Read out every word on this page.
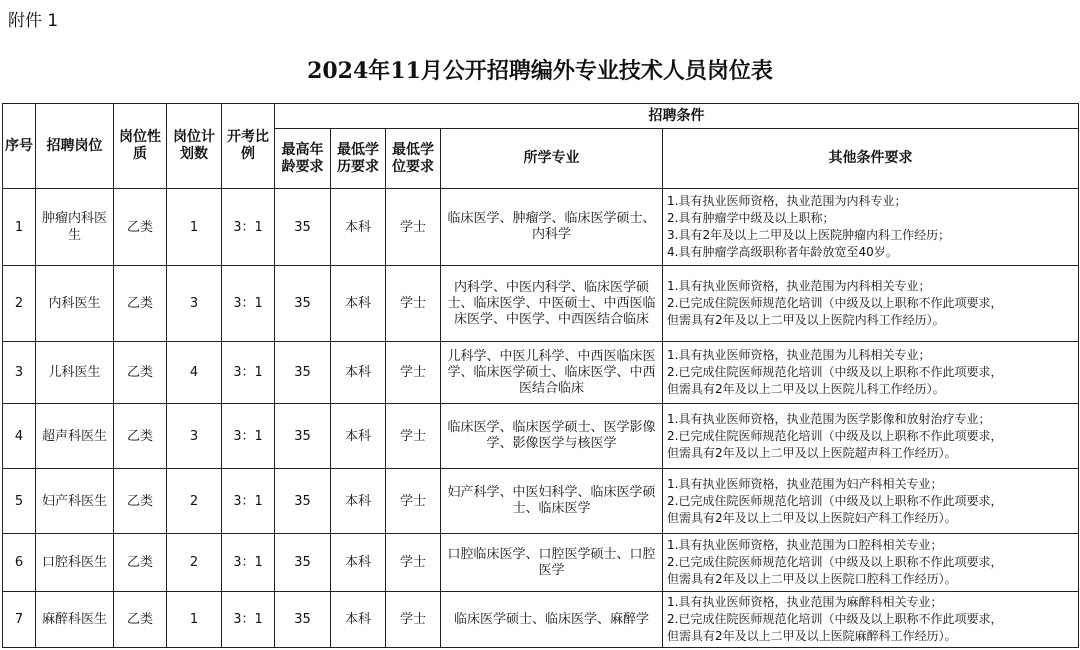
附件 1
2024年11月公开招聘编外专业技术人员岗位表
序号	招聘岗位	岗位性质	岗位计划数	开考比例	招聘条件				
					最高年龄要求	最低学历要求	最低学位要求	所学专业	其他条件要求
1	肿瘤内科医生	乙类	1	3：1	35	本科	学士	临床医学、肿瘤学、临床医学硕士、内科学	1.具有执业医师资格，执业范围为内科专业；
2.具有肿瘤学中级及以上职称；
3.具有2年及以上二甲及以上医院肿瘤内科工作经历；
4.具有肿瘤学高级职称者年龄放宽至40岁。

2	内科医生	乙类	3	3：1	35	本科	学士	内科学、中医内科学、临床医学硕士、临床医学、中医硕士、中西医临床医学、中医学、中西医结合临床	1.具有执业医师资格，执业范围为内科相关专业；
2.已完成住院医师规范化培训（中级及以上职称不作此项要求，
但需具有2年及以上二甲及以上医院内科工作经历）。

3	儿科医生	乙类	4	3：1	35	本科	学士	儿科学、中医儿科学、中西医临床医学、临床医学硕士、临床医学、中西医结合临床	1.具有执业医师资格，执业范围为儿科相关专业；
2.已完成住院医师规范化培训（中级及以上职称不作此项要求，
但需具有2年及以上二甲及以上医院儿科工作经历）。

4	超声科医生	乙类	3	3：1	35	本科	学士	临床医学、临床医学硕士、医学影像学、影像医学与核医学	1.具有执业医师资格，执业范围为医学影像和放射治疗专业；
2.已完成住院医师规范化培训（中级及以上职称不作此项要求，
但需具有2年及以上二甲及以上医院超声科工作经历）。

5	妇产科医生	乙类	2	3：1	35	本科	学士	妇产科学、中医妇科学、临床医学硕士、临床医学	1.具有执业医师资格，执业范围为妇产科相关专业；
2.已完成住院医师规范化培训（中级及以上职称不作此项要求，
但需具有2年及以上二甲及以上医院妇产科工作经历）。

6	口腔科医生	乙类	2	3：1	35	本科	学士	口腔临床医学、口腔医学硕士、口腔医学	1.具有执业医师资格，执业范围为口腔科相关专业；
2.已完成住院医师规范化培训（中级及以上职称不作此项要求，
但需具有2年及以上二甲及以上医院口腔科工作经历）。

7	麻醉科医生	乙类	1	3：1	35	本科	学士	临床医学硕士、临床医学、麻醉学	1.具有执业医师资格，执业范围为麻醉科相关专业；
2.已完成住院医师规范化培训（中级及以上职称不作此项要求，
但需具有2年及以上二甲及以上医院麻醉科工作经历）。
